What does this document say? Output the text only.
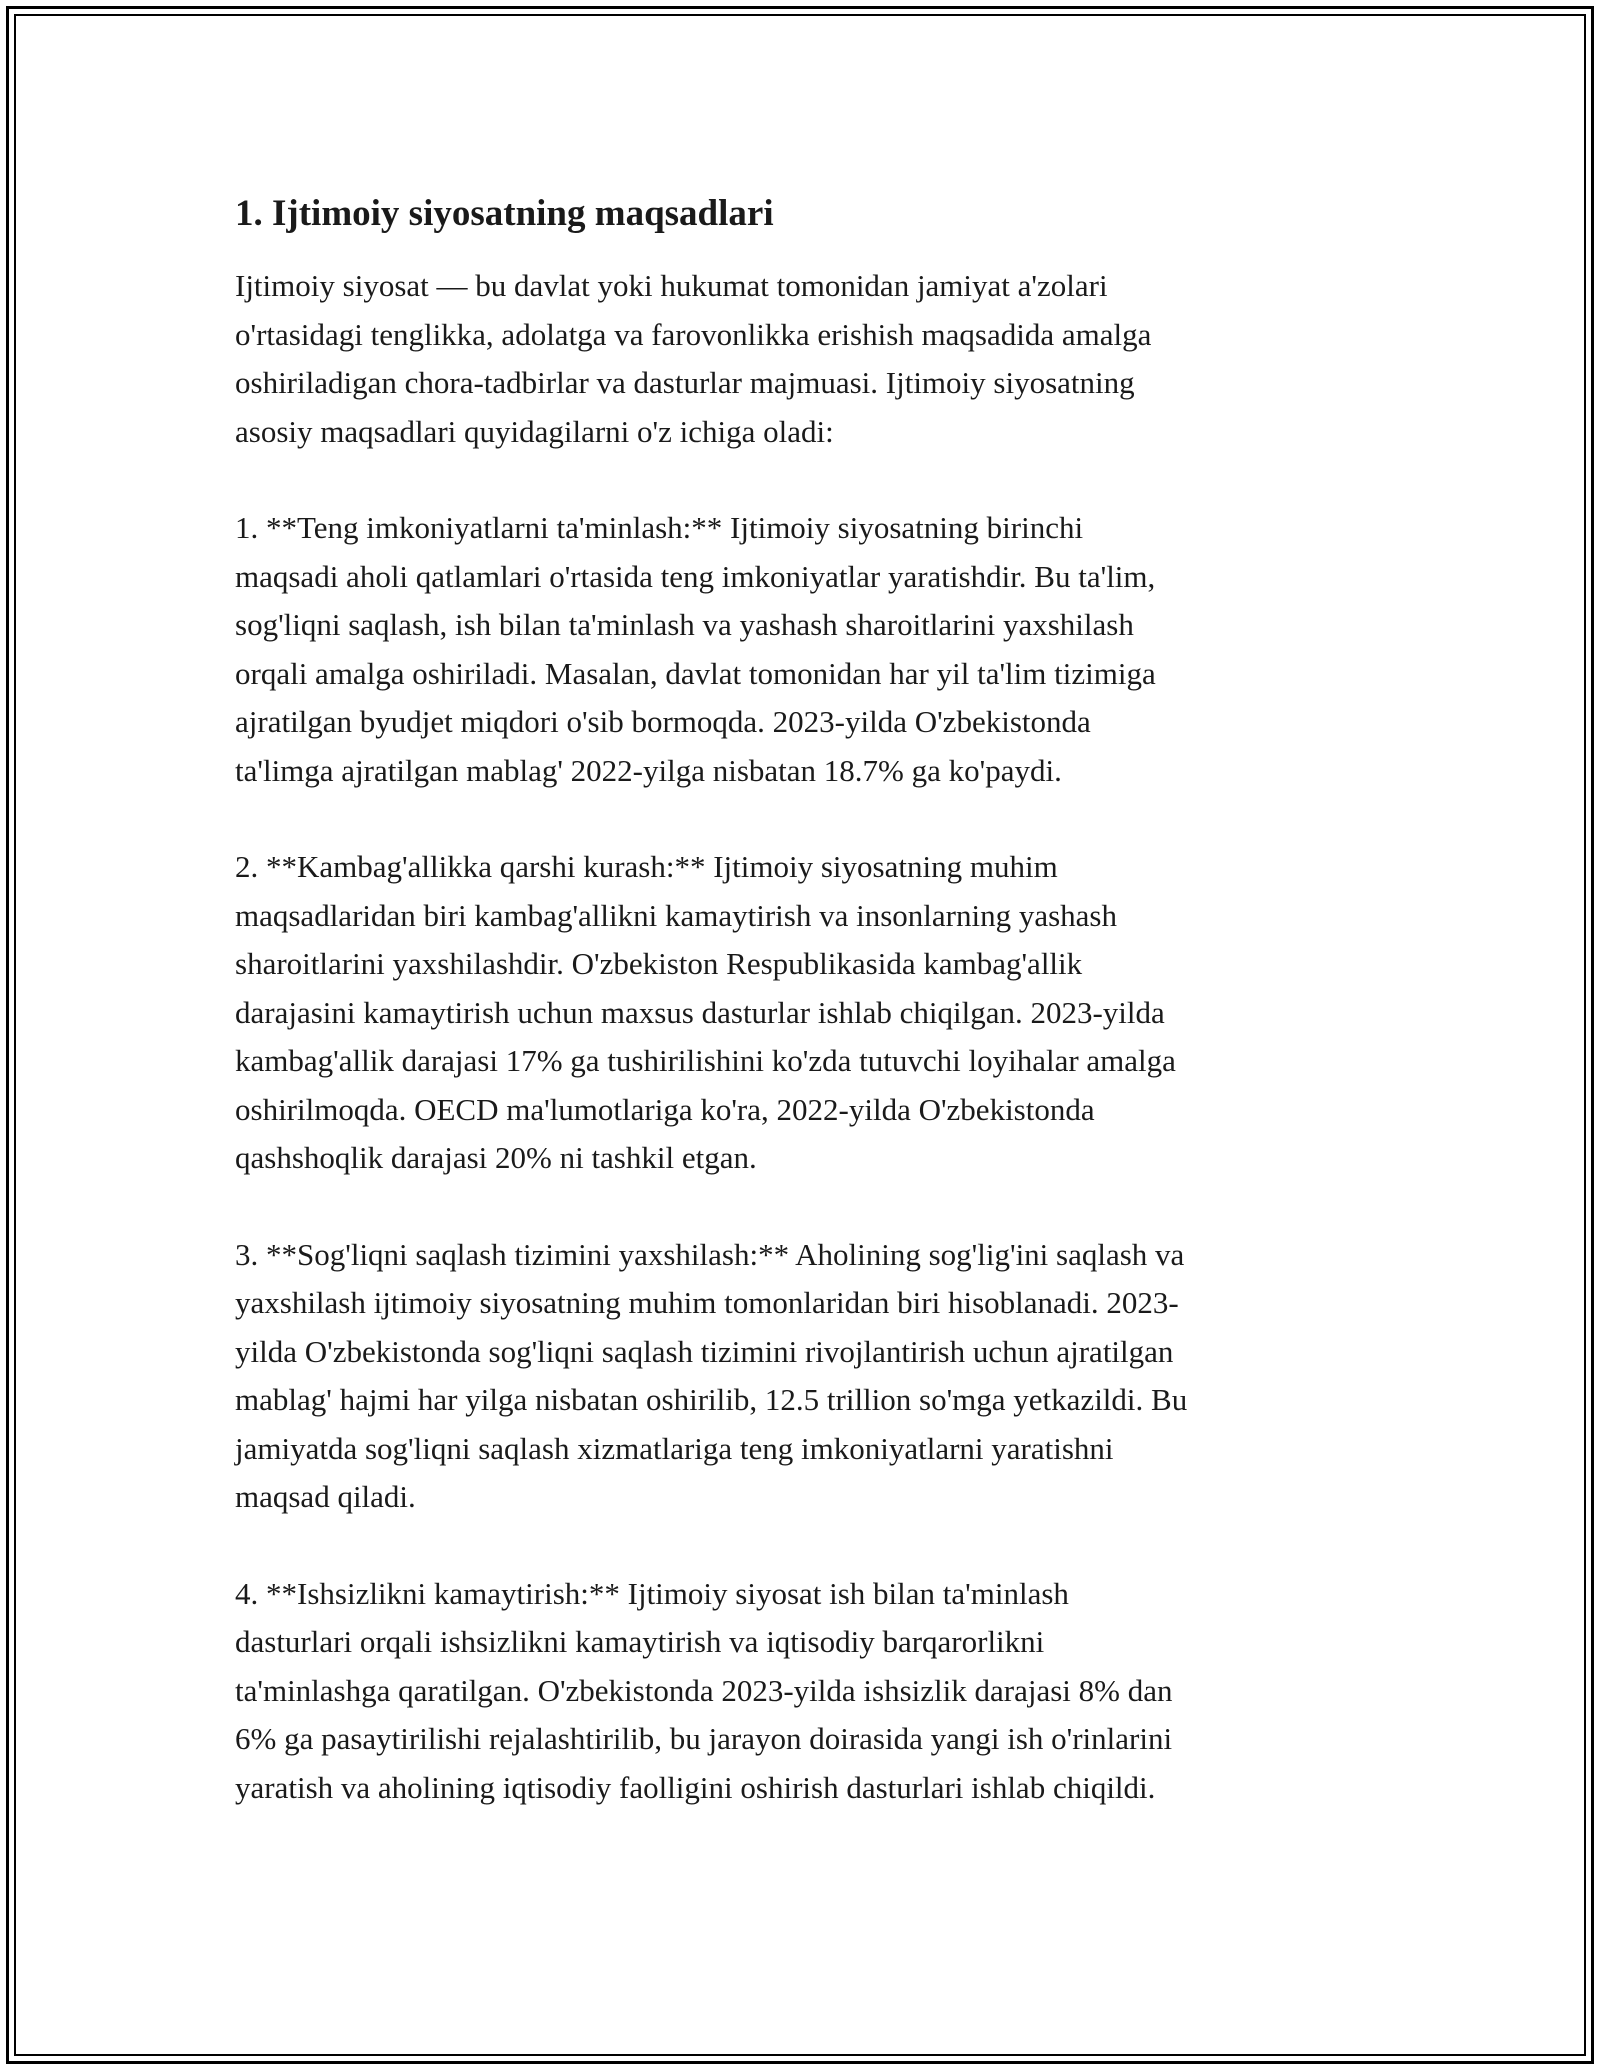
1. Ijtimoiy siyosatning maqsadlari

Ijtimoiy siyosat — bu davlat yoki hukumat tomonidan jamiyat a'zolari
o'rtasidagi tenglikka, adolatga va farovonlikka erishish maqsadida amalga
oshiriladigan chora-tadbirlar va dasturlar majmuasi. Ijtimoiy siyosatning
asosiy maqsadlari quyidagilarni o'z ichiga oladi:

1. **Teng imkoniyatlarni ta'minlash:** Ijtimoiy siyosatning birinchi
maqsadi aholi qatlamlari o'rtasida teng imkoniyatlar yaratishdir. Bu ta'lim,
sog'liqni saqlash, ish bilan ta'minlash va yashash sharoitlarini yaxshilash
orqali amalga oshiriladi. Masalan, davlat tomonidan har yil ta'lim tizimiga
ajratilgan byudjet miqdori o'sib bormoqda. 2023-yilda O'zbekistonda
ta'limga ajratilgan mablag' 2022-yilga nisbatan 18.7% ga ko'paydi.

2. **Kambag'allikka qarshi kurash:** Ijtimoiy siyosatning muhim
maqsadlaridan biri kambag'allikni kamaytirish va insonlarning yashash
sharoitlarini yaxshilashdir. O'zbekiston Respublikasida kambag'allik
darajasini kamaytirish uchun maxsus dasturlar ishlab chiqilgan. 2023-yilda
kambag'allik darajasi 17% ga tushirilishini ko'zda tutuvchi loyihalar amalga
oshirilmoqda. OECD ma'lumotlariga ko'ra, 2022-yilda O'zbekistonda
qashshoqlik darajasi 20% ni tashkil etgan.

3. **Sog'liqni saqlash tizimini yaxshilash:** Aholining sog'lig'ini saqlash va
yaxshilash ijtimoiy siyosatning muhim tomonlaridan biri hisoblanadi. 2023-
yilda O'zbekistonda sog'liqni saqlash tizimini rivojlantirish uchun ajratilgan
mablag' hajmi har yilga nisbatan oshirilib, 12.5 trillion so'mga yetkazildi. Bu
jamiyatda sog'liqni saqlash xizmatlariga teng imkoniyatlarni yaratishni
maqsad qiladi.

4. **Ishsizlikni kamaytirish:** Ijtimoiy siyosat ish bilan ta'minlash
dasturlari orqali ishsizlikni kamaytirish va iqtisodiy barqarorlikni
ta'minlashga qaratilgan. O'zbekistonda 2023-yilda ishsizlik darajasi 8% dan
6% ga pasaytirilishi rejalashtirilib, bu jarayon doirasida yangi ish o'rinlarini
yaratish va aholining iqtisodiy faolligini oshirish dasturlari ishlab chiqildi.
